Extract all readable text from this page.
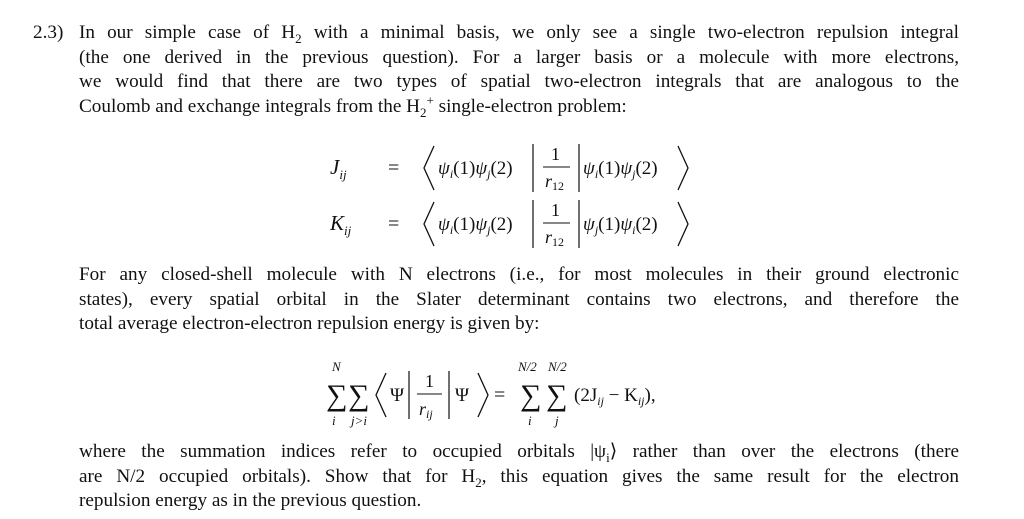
2.3) In our simple case of $H_2$ with a minimal basis, we only see a single two-electron repulsion integral
(the one derived in the previous question). For a larger basis or a molecule with more electrons,
we would find that there are two types of spatial two-electron integrals that are analogous to the
Coulomb and exchange integrals from the $H_2^+$ single-electron problem:
$J_{ij} = \psi_i(1)\psi_j(2)$
1
r12
$\psi_i(1)\psi_j(2)$
$K_{ij} = \psi_i(1)\psi_j(2)$
1
r12
$\psi_j(1)\psi_i(2)$
For any closed-shell molecule with N electrons (i.e., for most molecules in their ground electronic
states), every spatial orbital in the Slater determinant contains two electrons, and therefore the
total average electron-electron repulsion energy is given by:
N
∑ ∑
i j>i
Ψ
1
rij
Ψ =
N/2 N/2
∑ ∑
i j
$(2J_{ij} - K_{ij})$,
where the summation indices refer to occupied orbitals $|\psi_i⟩$ rather than over the electrons (there
are N/2 occupied orbitals). Show that for $H_2$, this equation gives the same result for the electron
repulsion energy as in the previous question.
